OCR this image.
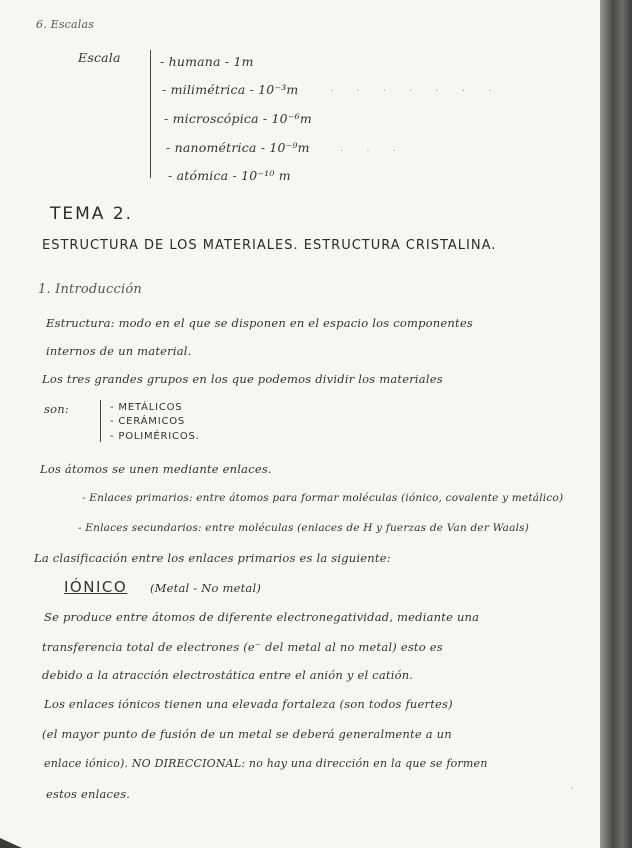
6. Escalas
Escala	- humana - 1m
- milimétrica - 10⁻³m
- microscópica - 10⁻⁶m
- nanométrica - 10⁻⁹m
- atómica - 10⁻¹⁰ m
· · · · · · ·
· · ·
TEMA 2.
ESTRUCTURA DE LOS MATERIALES. ESTRUCTURA CRISTALINA.
1. Introducción
Estructura: modo en el que se disponen en el espacio los componentes
internos de un material.
Los tres grandes grupos en los que podemos dividir los materiales
son:	- METÁLICOS
- CERÁMICOS
- POLIMÉRICOS.
Los átomos se unen mediante enlaces.
- Enlaces primarios: entre átomos para formar moléculas (iónico, covalente y metálico)
- Enlaces secundarios: entre moléculas (enlaces de H y fuerzas de Van der Waals)
La clasificación entre los enlaces primarios es la siguiente:
IÓNICO (Metal - No metal)
Se produce entre átomos de diferente electronegatividad, mediante una
transferencia total de electrones (e⁻ del metal al no metal) esto es
debido a la atracción electrostática entre el anión y el catión.
Los enlaces iónicos tienen una elevada fortaleza (son todos fuertes)
(el mayor punto de fusión de un metal se deberá generalmente a un
enlace iónico). NO DIRECCIONAL: no hay una dirección en la que se formen
estos enlaces.	·
